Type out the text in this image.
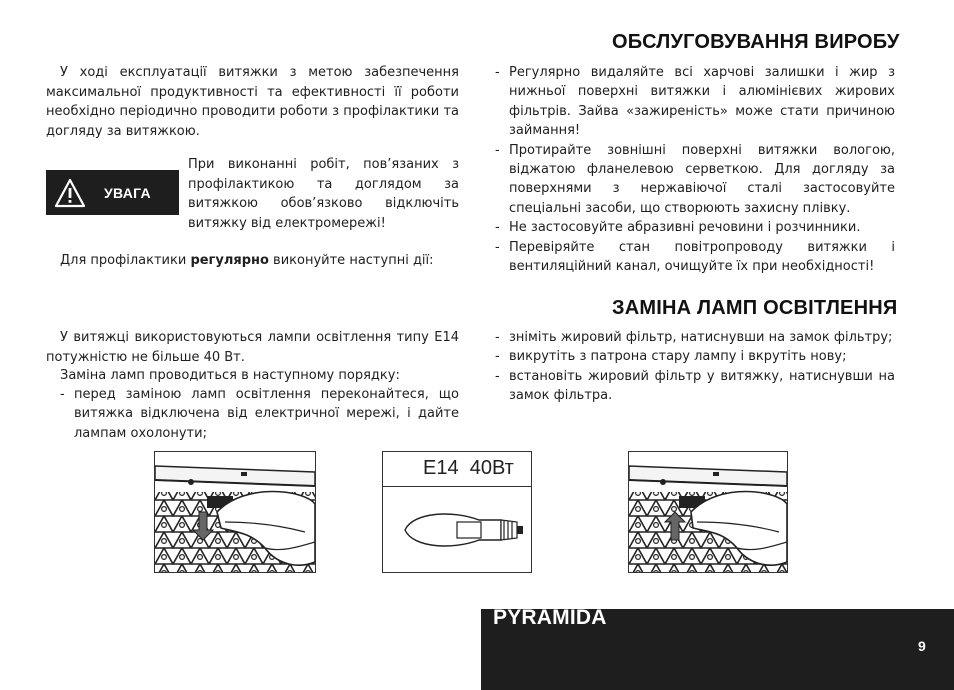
ОБСЛУГОВУВАННЯ ВИРОБУ
У ході експлуатації витяжки з метою забезпечення максимальної продуктивності та ефективності її роботи необхідно періодично проводити роботи з профілактики та догляду за витяжкою.
УВАГА
При виконанні робіт, пов’язаних з профілактикою та доглядом за витяжкою обов’язково відключіть витяжку від електромережі!
Для профілактики регулярно виконуйте наступні дії:
- Регулярно видаляйте всі харчові залишки і жир з нижньої поверхні витяжки і алюмінієвих жирових фільтрів. Зайва «зажиреність» може стати причиною займання!
- Протирайте зовнішні поверхні витяжки вологою, віджатою фланелевою серветкою. Для догляду за поверхнями з нержавіючої сталі застосовуйте спеціальні засоби, що створюють захисну плівку.
- Не застосовуйте абразивні речовини і розчинники.
- Перевіряйте стан повітропроводу витяжки і вентиляційний канал, очищуйте їх при необхідності!
ЗАМІНА ЛАМП ОСВІТЛЕННЯ
У витяжці використовуються лампи освітлення типу Е14 потужністю не більше 40 Вт.
Заміна ламп проводиться в наступному порядку:
- перед заміною ламп освітлення переконайтеся, що витяжка відключена від електричної мережі, і дайте лампам охолонути;
- зніміть жировий фільтр, натиснувши на замок фільтру;
- викрутіть з патрона стару лампу і вкрутіть нову;
- встановіть жировий фільтр у витяжку, натиснувши на замок фільтра.
E14  40Вт
PYRAMIDA
9
